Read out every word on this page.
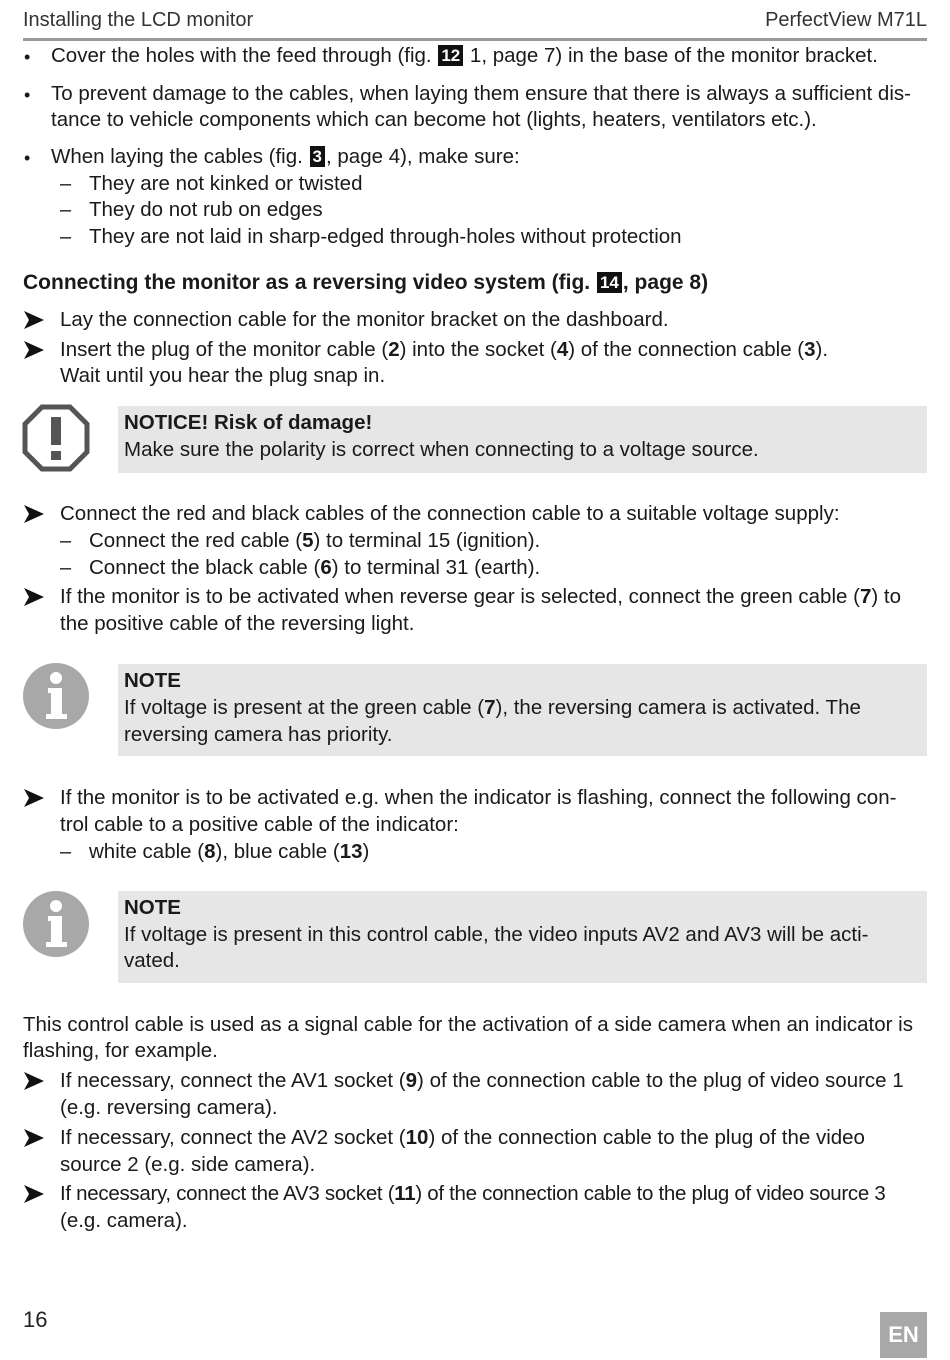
Installing the LCD monitor	PerfectView M71L
• Cover the holes with the feed through (fig. 12 1, page 7) in the base of the monitor bracket.
• To prevent damage to the cables, when laying them ensure that there is always a sufficient dis-
tance to vehicle components which can become hot (lights, heaters, ventilators etc.).
• When laying the cables (fig. 3 , page 4), make sure:
– They are not kinked or twisted
– They do not rub on edges
– They are not laid in sharp-edged through-holes without protection
Connecting the monitor as a reversing video system (fig. 14 , page 8)
Lay the connection cable for the monitor bracket on the dashboard.
Insert the plug of the monitor cable (2) into the socket (4) of the connection cable (3).
Wait until you hear the plug snap in.
NOTICE! Risk of damage!
Make sure the polarity is correct when connecting to a voltage source.
Connect the red and black cables of the connection cable to a suitable voltage supply:
– Connect the red cable (5) to terminal 15 (ignition).
– Connect the black cable (6) to terminal 31 (earth).
If the monitor is to be activated when reverse gear is selected, connect the green cable (7) to
the positive cable of the reversing light.
NOTE
If voltage is present at the green cable (7), the reversing camera is activated. The
reversing camera has priority.
If the monitor is to be activated e.g. when the indicator is flashing, connect the following con-
trol cable to a positive cable of the indicator:
– white cable (8), blue cable (13)
NOTE
If voltage is present in this control cable, the video inputs AV2 and AV3 will be acti-
vated.
This control cable is used as a signal cable for the activation of a side camera when an indicator is
flashing, for example.
If necessary, connect the AV1 socket (9) of the connection cable to the plug of video source 1
(e.g. reversing camera).
If necessary, connect the AV2 socket (10) of the connection cable to the plug of the video
source 2 (e.g. side camera).
If necessary, connect the AV3 socket (11) of the connection cable to the plug of video source 3
(e.g. camera).
16
EN
